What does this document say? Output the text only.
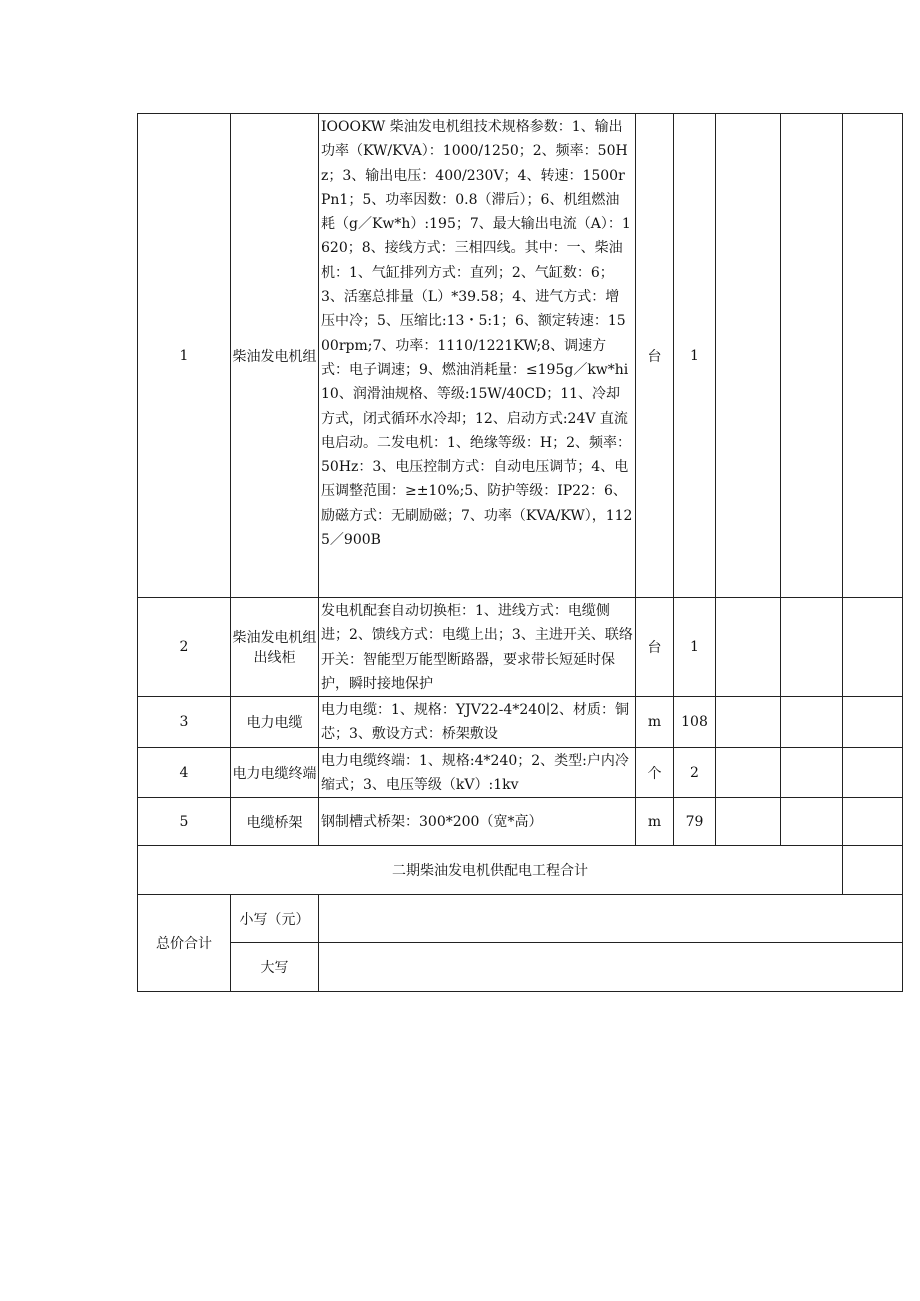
1	柴油发电机组	IOOOKW 柴油发电机组技术规格参数：1、输出功率（KW/KVA）：1000/1250；2、频率：50Hz；3、输出电压：400/230V；4、转速：1500rPn1；5、功率因数：0.8（滞后）；6、机组燃油耗（g／Kw*h）:195；7、最大输出电流（A）：1620；8、接线方式：三相四线。其中：一、柴油机：1、气缸排列方式：直列；2、气缸数：6；3、活塞总排量（L）*39.58；4、进气方式：增压中冷；5、压缩比:13・5:1；6、额定转速：1500rpm;7、功率：1110/1221KW;8、调速方式：电子调速；9、燃油消耗量：≤195g／kw*hi10、润滑油规格、等级:15W/40CD；11、冷却方式，闭式循环水冷却；12、启动方式:24V 直流电启动。二发电机：1、绝缘等级：H；2、频率：50Hz：3、电压控制方式：自动电压调节；4、电压调整范围：≥±10%;5、防护等级：IP22：6、励磁方式：无刷励磁；7、功率（KVA/KW），1125／900B	台	1			
2	柴油发电机组出线柜	发电机配套自动切换柜：1、进线方式：电缆侧进；2、馈线方式：电缆上出；3、主进开关、联络开关：智能型万能型断路器，要求带长短延时保护，瞬时接地保护	台	1			
3	电力电缆	电力电缆：1、规格：YJV22-4*240∣2、材质：铜芯；3、敷设方式：桥架敷设	m	108			
4	电力电缆终端	电力电缆终端：1、规格:4*240；2、类型:户内冷缩式；3、电压等级（kV）:1kv	个	2			
5	电缆桥架	钢制槽式桥架：300*200（宽*高）	m	79			
二期柴油发电机供配电工程合计							
总价合计	小写（元）						
	大写						
